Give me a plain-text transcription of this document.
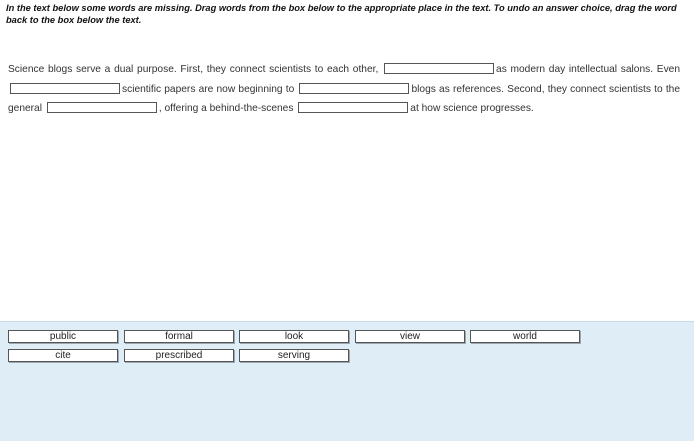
In the text below some words are missing. Drag words from the box below to the appropriate place in the text. To undo an answer choice, drag the word back to the box below the text.
Science blogs serve a dual purpose. First, they connect scientists to each other,	as modern day intellectual salons. Even scientific papers are now beginning to	blogs as references. Second, they connect scientists to the general	, offering a behind-the-scenes	at how science progresses.
public	formal	look	view	world
cite	prescribed	serving
